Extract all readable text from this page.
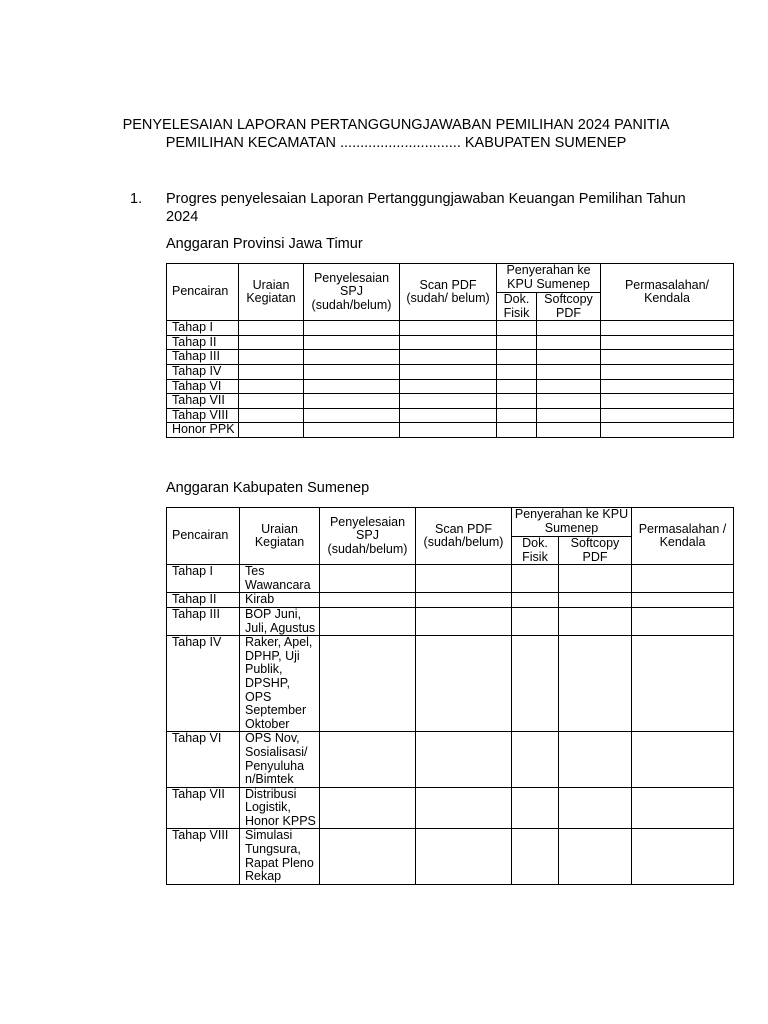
PENYELESAIAN LAPORAN PERTANGGUNGJAWABAN PEMILIHAN 2024 PANITIA
PEMILIHAN KECAMATAN .............................. KABUPATEN SUMENEP
1. Progres penyelesaian Laporan Pertanggungjawaban Keuangan Pemilihan Tahun 2024
Anggaran Provinsi Jawa Timur
Pencairan	Uraian Kegiatan	Penyelesaian SPJ (sudah/belum)	Scan PDF (sudah/ belum)	Penyerahan ke KPU Sumenep		Permasalahan/ Kendala
				Dok. Fisik	Softcopy PDF	
Tahap I						
Tahap II						
Tahap III						
Tahap IV						
Tahap VI						
Tahap VII						
Tahap VIII						
Honor PPK						
Anggaran Kabupaten Sumenep
Pencairan	Uraian Kegiatan	Penyelesaian SPJ (sudah/belum)	Scan PDF (sudah/belum)	Penyerahan ke KPU Sumenep		Permasalahan / Kendala
				Dok. Fisik	Softcopy PDF	
Tahap I	Tes Wawancara					
Tahap II	Kirab					
Tahap III	BOP Juni, Juli, Agustus					
Tahap IV	Raker, Apel, DPHP, Uji Publik, DPSHP, OPS September Oktober					
Tahap VI	OPS Nov, Sosialisasi/ Penyuluha n/Bimtek					
Tahap VII	Distribusi Logistik, Honor KPPS					
Tahap VIII	Simulasi Tungsura, Rapat Pleno Rekap					
